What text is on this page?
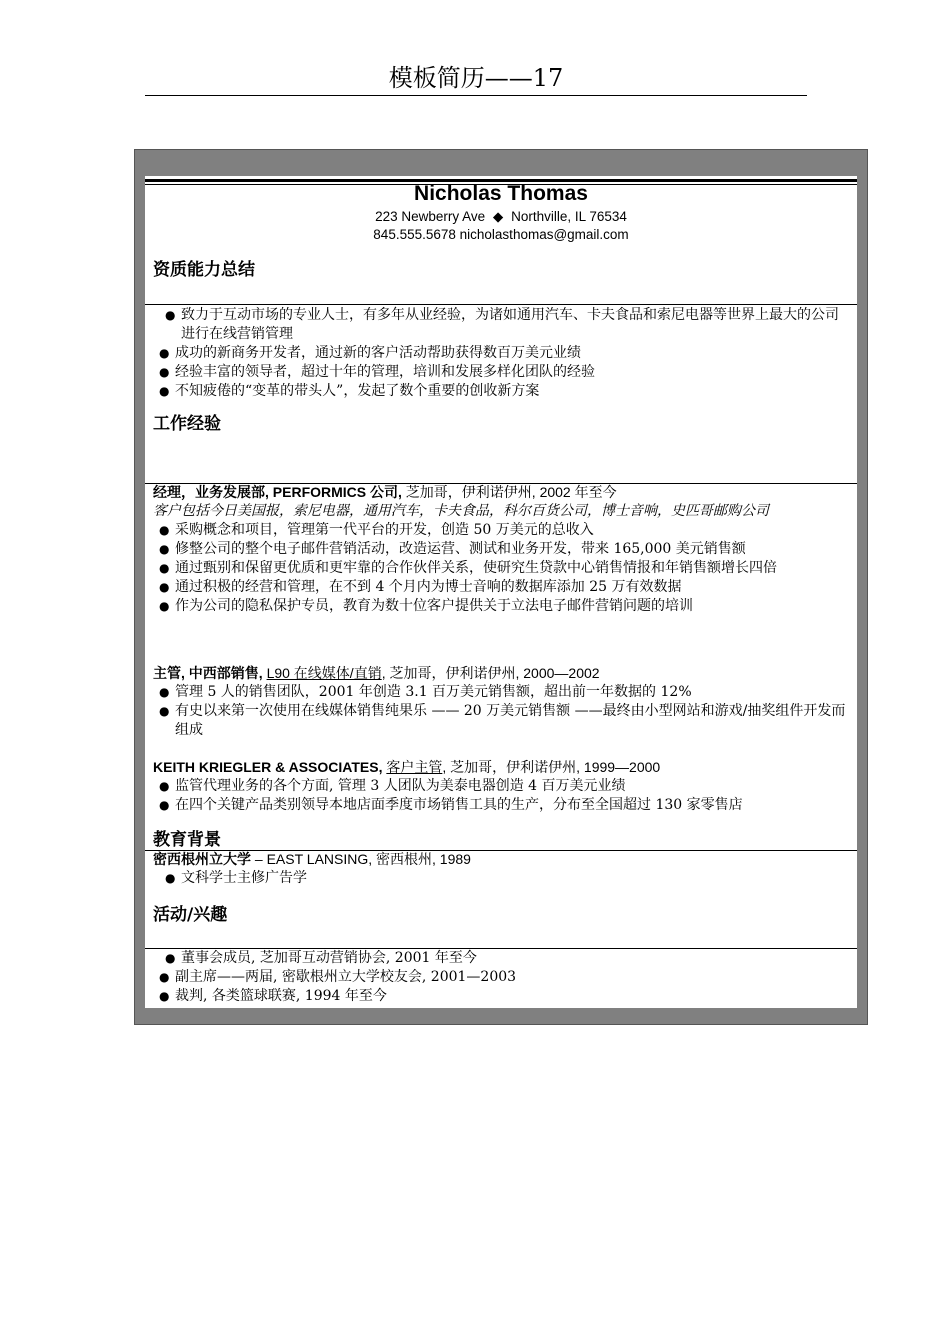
模板简历——17
Nicholas Thomas
223 Newberry Ave ◆ Northville, IL 76534
845.555.5678 nicholasthomas@gmail.com
资质能力总结
● 致力于互动市场的专业人士，有多年从业经验，为诸如通用汽车、卡夫食品和索尼电器等世界上最大的公司进行在线营销管理
● 成功的新商务开发者，通过新的客户活动帮助获得数百万美元业绩
● 经验丰富的领导者，超过十年的管理，培训和发展多样化团队的经验
● 不知疲倦的“变革的带头人”，发起了数个重要的创收新方案
工作经验
经理，业务发展部, PERFORMICS 公司, 芝加哥，伊利诺伊州, 2002 年至今
客户包括今日美国报，索尼电器，通用汽车，卡夫食品，科尔百货公司，博士音响，史匹哥邮购公司
● 采购概念和项目，管理第一代平台的开发，创造 50 万美元的总收入
● 修整公司的整个电子邮件营销活动，改造运营、测试和业务开发，带来 165,000 美元销售额
● 通过甄别和保留更优质和更牢靠的合作伙伴关系，使研究生贷款中心销售情报和年销售额增长四倍
● 通过积极的经营和管理，在不到 4 个月内为博士音响的数据库添加 25 万有效数据
● 作为公司的隐私保护专员，教育为数十位客户提供关于立法电子邮件营销问题的培训
主管, 中西部销售, L90 在线媒体/直销, 芝加哥，伊利诺伊州, 2000—2002
● 管理 5 人的销售团队，2001 年创造 3.1 百万美元销售额，超出前一年数据的 12%
● 有史以来第一次使用在线媒体销售纯果乐 —— 20 万美元销售额 ——最终由小型网站和游戏/抽奖组件开发而组成
KEITH KRIEGLER & ASSOCIATES, 客户主管, 芝加哥，伊利诺伊州, 1999—2000
● 监管代理业务的各个方面, 管理 3 人团队为美泰电器创造 4 百万美元业绩
● 在四个关键产品类别领导本地店面季度市场销售工具的生产，分布至全国超过 130 家零售店
教育背景
密西根州立大学 – EAST LANSING, 密西根州, 1989
● 文科学士主修广告学
活动/兴趣
● 董事会成员, 芝加哥互动营销协会, 2001 年至今
● 副主席——两届, 密歇根州立大学校友会, 2001—2003
● 裁判, 各类篮球联赛, 1994 年至今
